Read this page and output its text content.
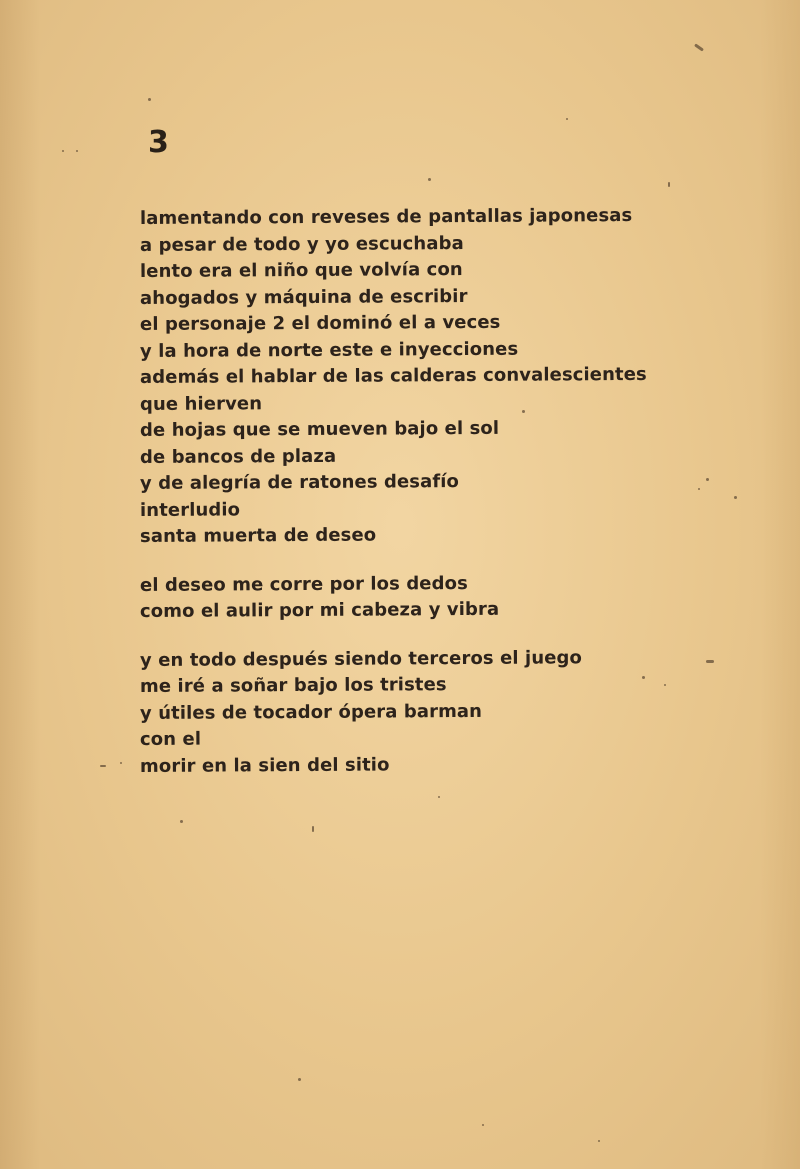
3
lamentando con reveses de pantallas japonesas
a pesar de todo y yo escuchaba
lento era el niño que volvía con
ahogados y máquina de escribir
el personaje 2 el dominó el a veces
y la hora de norte este e inyecciones
además el hablar de las calderas convalescientes
que hierven
de hojas que se mueven bajo el sol
de bancos de plaza
y de alegría de ratones desafío
interludio
santa muerta de deseo
el deseo me corre por los dedos
como el aulir por mi cabeza y vibra
y en todo después siendo terceros el juego
me iré a soñar bajo los tristes
y útiles de tocador ópera barman
con el
morir en la sien del sitio
